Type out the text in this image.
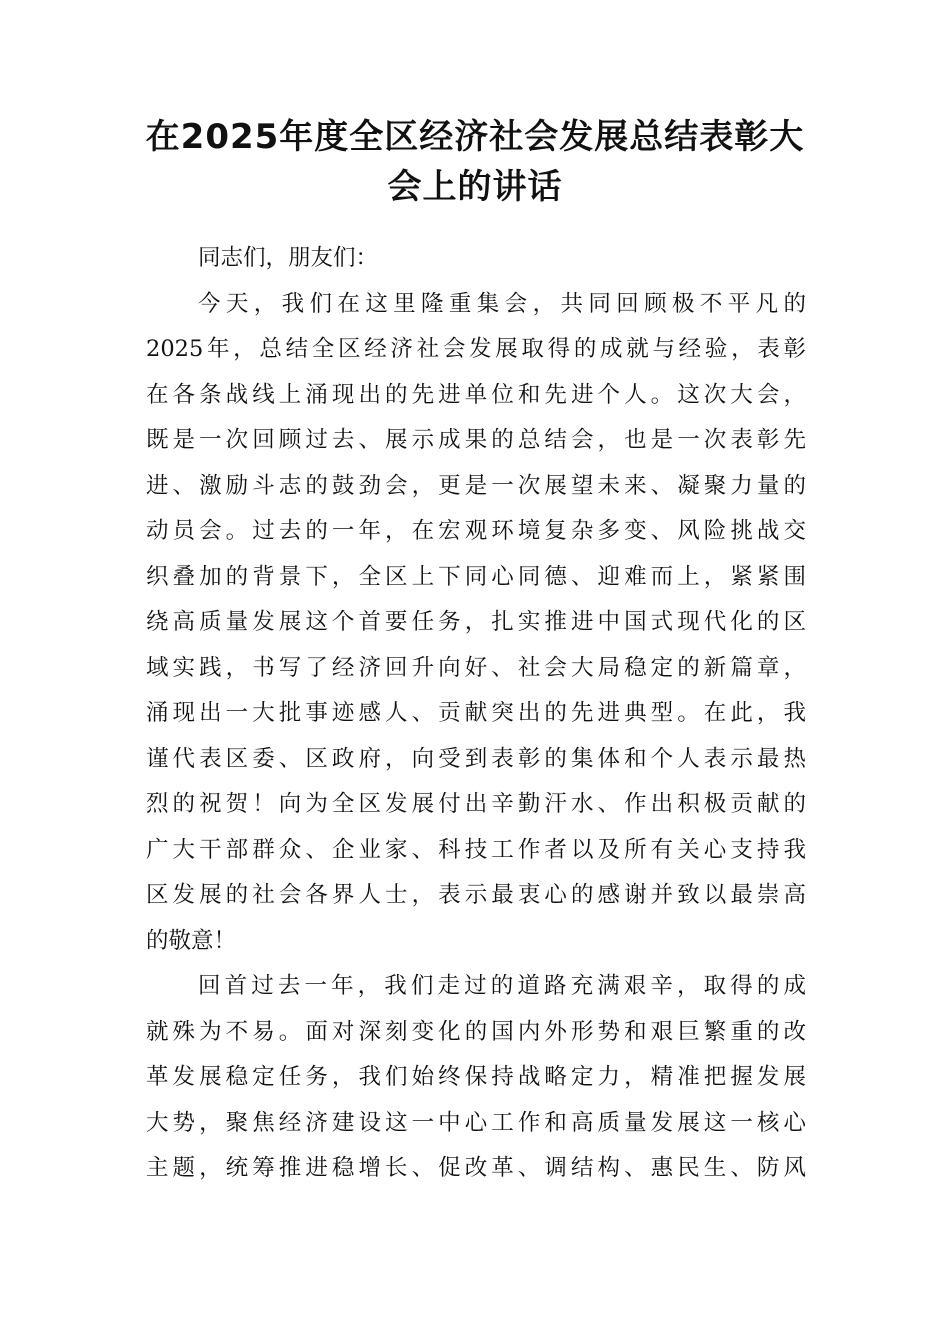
在2025年度全区经济社会发展总结表彰大
会上的讲话
同志们，朋友们：
今天，我们在这里隆重集会，共同回顾极不平凡的
2025年，总结全区经济社会发展取得的成就与经验，表彰
在各条战线上涌现出的先进单位和先进个人。这次大会，
既是一次回顾过去、展示成果的总结会，也是一次表彰先
进、激励斗志的鼓劲会，更是一次展望未来、凝聚力量的
动员会。过去的一年，在宏观环境复杂多变、风险挑战交
织叠加的背景下，全区上下同心同德、迎难而上，紧紧围
绕高质量发展这个首要任务，扎实推进中国式现代化的区
域实践，书写了经济回升向好、社会大局稳定的新篇章，
涌现出一大批事迹感人、贡献突出的先进典型。在此，我
谨代表区委、区政府，向受到表彰的集体和个人表示最热
烈的祝贺！向为全区发展付出辛勤汗水、作出积极贡献的
广大干部群众、企业家、科技工作者以及所有关心支持我
区发展的社会各界人士，表示最衷心的感谢并致以最崇高
的敬意！
回首过去一年，我们走过的道路充满艰辛，取得的成
就殊为不易。面对深刻变化的国内外形势和艰巨繁重的改
革发展稳定任务，我们始终保持战略定力，精准把握发展
大势，聚焦经济建设这一中心工作和高质量发展这一核心
主题，统筹推进稳增长、促改革、调结构、惠民生、防风
